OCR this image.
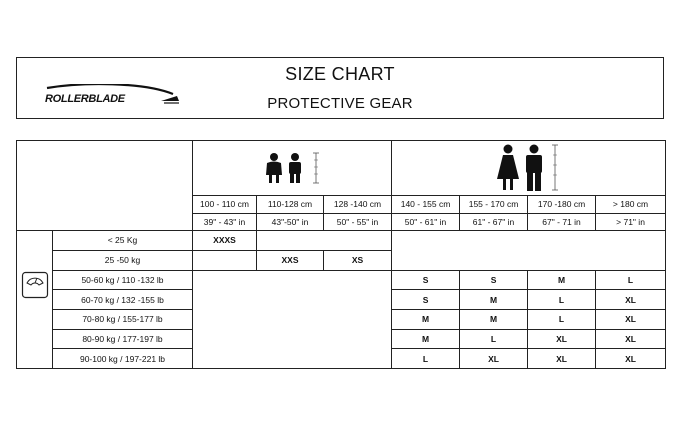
ROLLERBLADE
SIZE CHART
PROTECTIVE GEAR

		100 - 110 cm	110-128 cm	128 -140 cm	140 - 155 cm	155 - 170 cm	170 -180 cm	> 180 cm
		39" - 43" in	43"-50" in	50" - 55" in	50" - 61" in	61" - 67" in	67" - 71 in	> 71" in
	< 25 Kg	XXXS						
	25 -50 kg		XXS	XS				
	50-60 kg / 110 -132 lb				S	S	M	L
	60-70 kg / 132 -155 lb				S	M	L	XL
	70-80 kg / 155-177 lb				M	M	L	XL
	80-90 kg / 177-197 lb				M	L	XL	XL
	90-100 kg / 197-221 lb				L	XL	XL	XL
